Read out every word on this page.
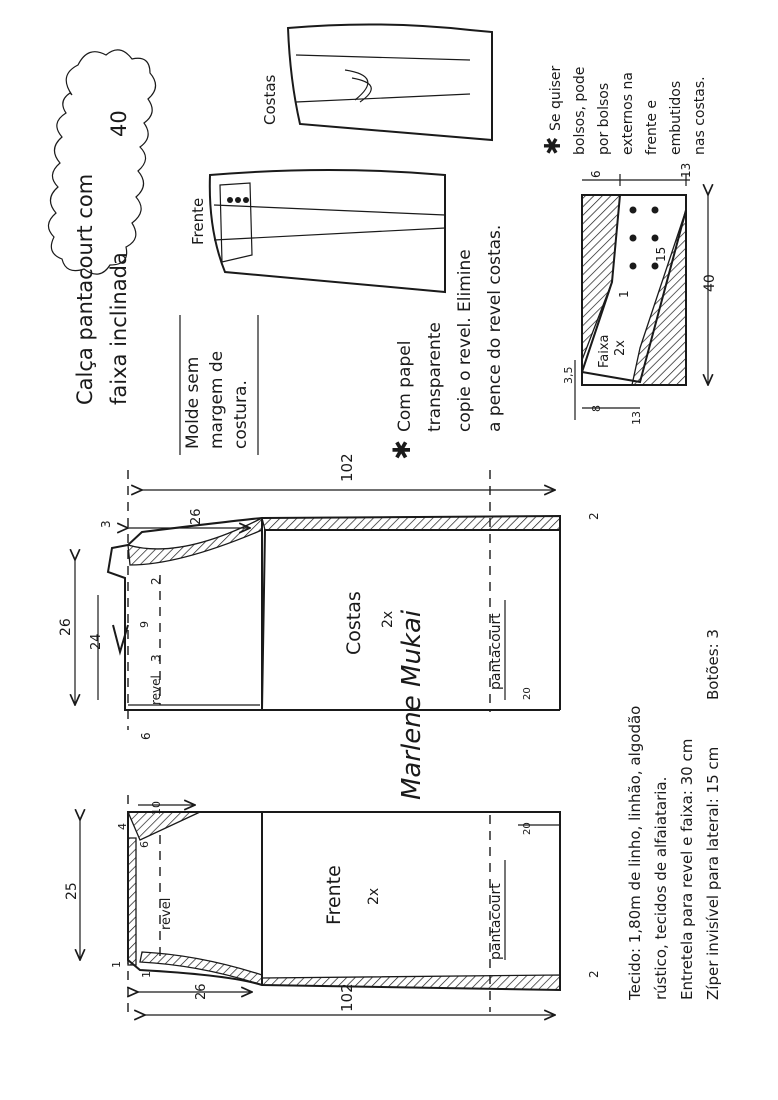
Calça pantacourt com faixa inclinada
40
Molde sem margem de costura.
Costas
Frente
✱
Com papel transparente copie o revel. Elimine a pence do revel costas.
✱
Se quiser bolsos, pode por bolsos externos na frente e embutidos nas costas.
6	13
40
15
1
Faixa 2x
3,5
8
13
102
26
3
2
2
26
24
9
revel
3
6
Costas 2x	pantacourt
20
102
26
1
1	2
25
4
6
10
revel	Frente 2x	pantacourt
20
Marlene Mukai
Tecido: 1,80m de linho, linhão, algodão rústico, tecidos de alfaiataria. Entretela para revel e faixa: 30 cm Zíper invisível para lateral: 15 cm
Botões: 3
